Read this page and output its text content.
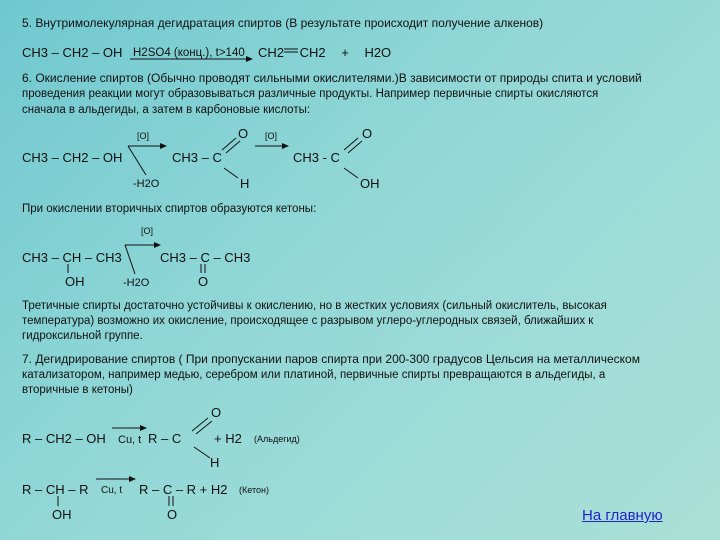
5. Внутримолекулярная дегидратация спиртов (В результате происходит получение алкенов)
CH3 – CH2 – OH H2SO4 (конц.), t>140 CH2 CH2 + H2O
6. Окисление спиртов (Обычно проводят сильными окислителями.)В зависимости от природы спита и условий
проведения реакции могут образовываться различные продукты. Например первичные спирты окисляются
сначала в альдегиды, а затем в карбоновые кислоты:
[O]	[O]
O	O
CH3 – CH2 – OH	CH3 – C	CH3 - C
-H2O	H	OH
При окислении вторичных спиртов образуются кетоны:
[O]
CH3 – CH – CH3	CH3 – C – CH3
OH	-H2O	O
Третичные спирты достаточно устойчивы к окислению, но в жестких условиях (сильный окислитель, высокая
температура) возможно их окисление, происходящее с разрывом углеро-углеродных связей, ближайших к
гидроксильной группе.
7. Дегидрирование спиртов ( При пропускании паров спирта при 200-300 градусов Цельсия на металлическом
катализатором, например медью, серебром или платиной, первичные спирты превращаются в альдегиды, а
вторичные в кетоны)
O
R – CH2 – OH Cu, t R – C	+ H2 (Альдегид)
H
R – CH – R Cu, t R – C – R + H2 (Кетон)
OH	O	На главную
